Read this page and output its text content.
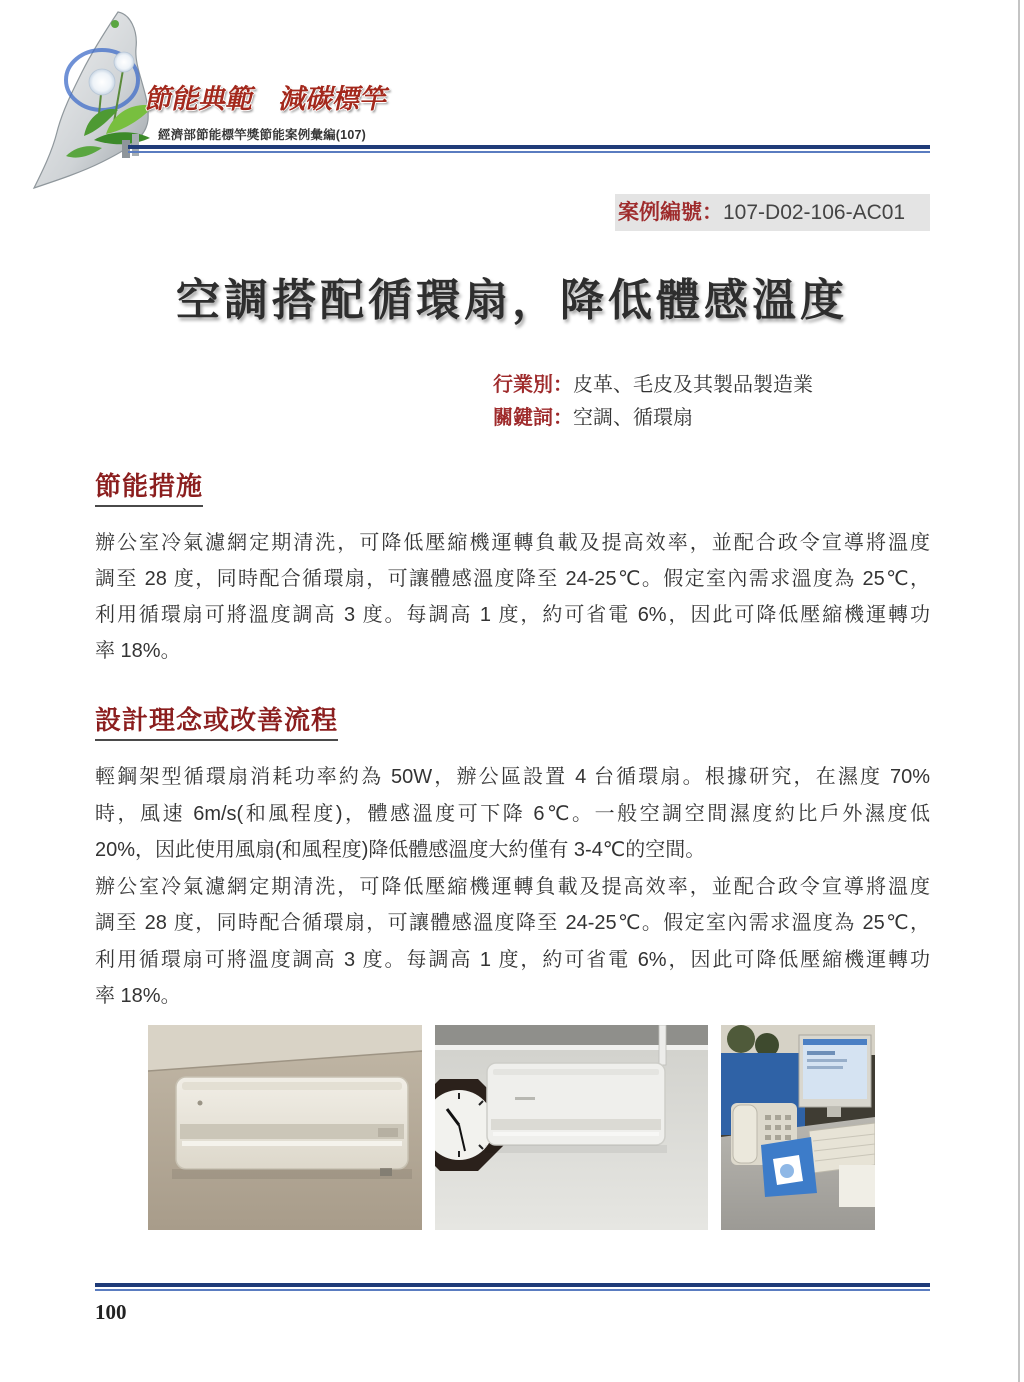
節能典範 減碳標竿
經濟部節能標竿獎節能案例彙編(107)
案例編號：107-D02-106-AC01
空調搭配循環扇，降低體感溫度
行業別：皮革、毛皮及其製品製造業
關鍵詞：空調、循環扇
節能措施
辦公室冷氣濾網定期清洗，可降低壓縮機運轉負載及提高效率，並配合政令宣導將溫度
調至 28 度，同時配合循環扇，可讓體感溫度降至 24-25℃。假定室內需求溫度為 25℃，
利用循環扇可將溫度調高 3 度。每調高 1 度，約可省電 6%，因此可降低壓縮機運轉功
率 18%。
設計理念或改善流程
輕鋼架型循環扇消耗功率約為 50W，辦公區設置 4 台循環扇。根據研究，在濕度 70%
時，風速 6m/s(和風程度)，體感溫度可下降 6℃。一般空調空間濕度約比戶外濕度低
20%，因此使用風扇(和風程度)降低體感溫度大約僅有 3-4℃的空間。
辦公室冷氣濾網定期清洗，可降低壓縮機運轉負載及提高效率，並配合政令宣導將溫度
調至 28 度，同時配合循環扇，可讓體感溫度降至 24-25℃。假定室內需求溫度為 25℃，
利用循環扇可將溫度調高 3 度。每調高 1 度，約可省電 6%，因此可降低壓縮機運轉功
率 18%。
100
